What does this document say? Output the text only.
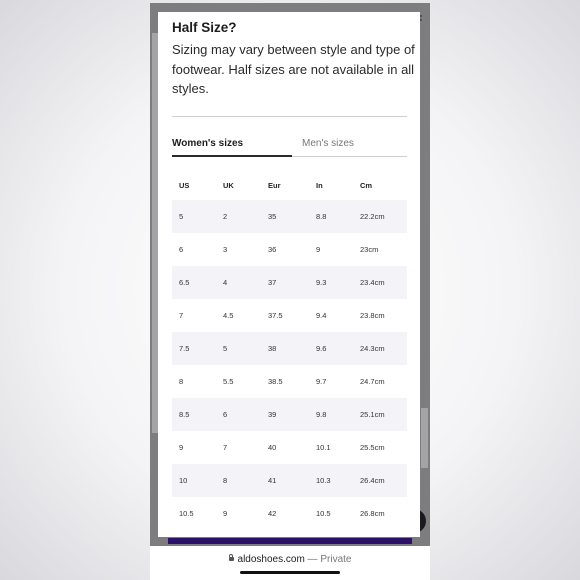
Half Size?

Sizing may vary between style and type of footwear. Half sizes are not available in all styles.

Women's sizes	Men's sizes
US	UK	Eur	In	Cm
5	2	35	8.8	22.2cm
6	3	36	9	23cm
6.5	4	37	9.3	23.4cm
7	4.5	37.5	9.4	23.8cm
7.5	5	38	9.6	24.3cm
8	5.5	38.5	9.7	24.7cm
8.5	6	39	9.8	25.1cm
9	7	40	10.1	25.5cm
10	8	41	10.3	26.4cm
10.5	9	42	10.5	26.8cm
aldoshoes.com — Private
